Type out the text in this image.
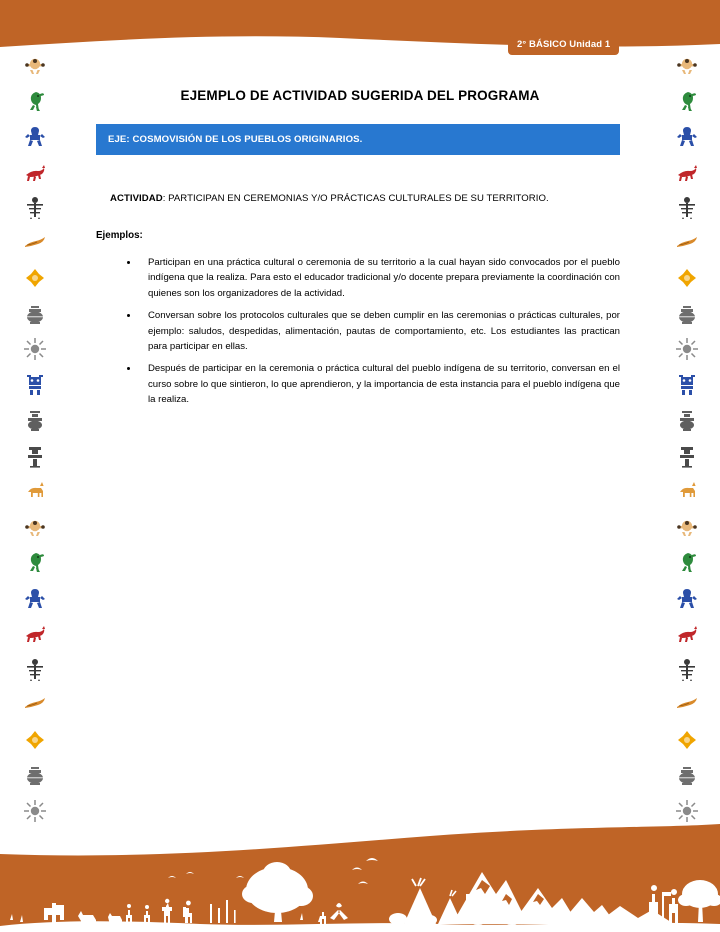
2° BÁSICO Unidad 1
EJEMPLO DE ACTIVIDAD SUGERIDA DEL PROGRAMA
EJE: COSMOVISIÓN DE LOS PUEBLOS ORIGINARIOS.
ACTIVIDAD: PARTICIPAN EN CEREMONIAS Y/O PRÁCTICAS CULTURALES DE SU TERRITORIO.
Ejemplos:
Participan en una práctica cultural o ceremonia de su territorio a la cual hayan sido convocados por el pueblo indígena que la realiza. Para esto el educador tradicional y/o docente prepara previamente la coordinación con quienes son los organizadores de la actividad.
Conversan sobre los protocolos culturales que se deben cumplir en las ceremonias o prácticas culturales, por ejemplo: saludos, despedidas, alimentación, pautas de comportamiento, etc. Los estudiantes las practican para participar en ellas.
Después de participar en la ceremonia o práctica cultural del pueblo indígena de su territorio, conversan en el curso sobre lo que sintieron, lo que aprendieron, y la importancia de esta instancia para el pueblo indígena que la realiza.
